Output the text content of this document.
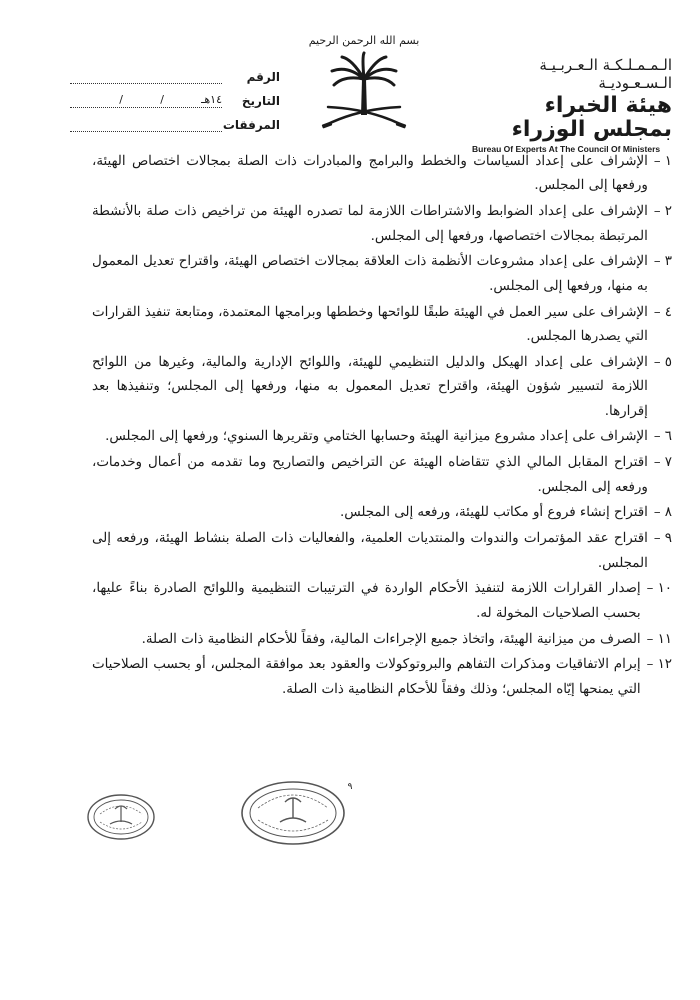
الـمـمـلـكـة الـعـربـيـة الـسـعـوديـة
هيئة الخبراء بمجلس الوزراء
Bureau Of Experts At The Council Of Ministers
بسم الله الرحمن الرحيم
الرقم
التاريخ
١٤هـ
/
/
المرفقات
١ –
الإشراف على إعداد السياسات والخطط والبرامج والمبادرات ذات الصلة بمجالات اختصاص الهيئة، ورفعها إلى المجلس.
٢ –
الإشراف على إعداد الضوابط والاشتراطات اللازمة لما تصدره الهيئة من تراخيص ذات صلة بالأنشطة المرتبطة بمجالات اختصاصها، ورفعها إلى المجلس.
٣ –
الإشراف على إعداد مشروعات الأنظمة ذات العلاقة بمجالات اختصاص الهيئة، واقتراح تعديل المعمول به منها، ورفعها إلى المجلس.
٤ –
الإشراف على سير العمل في الهيئة طبقًا للوائحها وخططها وبرامجها المعتمدة، ومتابعة تنفيذ القرارات التي يصدرها المجلس.
٥ –
الإشراف على إعداد الهيكل والدليل التنظيمي للهيئة، واللوائح الإدارية والمالية، وغيرها من اللوائح اللازمة لتسيير شؤون الهيئة، واقتراح تعديل المعمول به منها، ورفعها إلى المجلس؛ وتنفيذها بعد إقرارها.
٦ –
الإشراف على إعداد مشروع ميزانية الهيئة وحسابها الختامي وتقريرها السنوي؛ ورفعها إلى المجلس.
٧ –
اقتراح المقابل المالي الذي تتقاضاه الهيئة عن التراخيص والتصاريح وما تقدمه من أعمال وخدمات، ورفعه إلى المجلس.
٨ –
اقتراح إنشاء فروع أو مكاتب للهيئة، ورفعه إلى المجلس.
٩ –
اقتراح عقد المؤتمرات والندوات والمنتديات العلمية، والفعاليات ذات الصلة بنشاط الهيئة، ورفعه إلى المجلس.
١٠ –
إصدار القرارات اللازمة لتنفيذ الأحكام الواردة في الترتيبات التنظيمية واللوائح الصادرة بناءً عليها، بحسب الصلاحيات المخولة له.
١١ –
الصرف من ميزانية الهيئة، واتخاذ جميع الإجراءات المالية، وفقاً للأحكام النظامية ذات الصلة.
١٢ –
إبرام الاتفاقيات ومذكرات التفاهم والبروتوكولات والعقود بعد موافقة المجلس، أو بحسب الصلاحيات التي يمنحها إيّاه المجلس؛ وذلك وفقاً للأحكام النظامية ذات الصلة.
٩
